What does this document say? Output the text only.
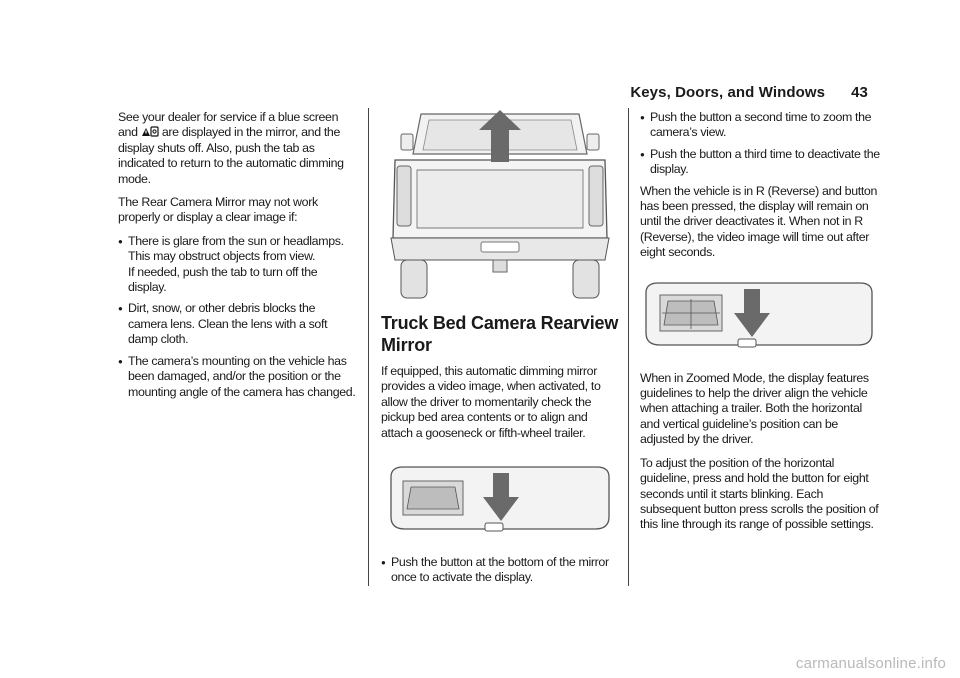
Keys, Doors, and Windows 43

See your dealer for service if a blue screen and are displayed in the mirror, and the display shuts off. Also, push the tab as indicated to return to the automatic dimming mode.

The Rear Camera Mirror may not work properly or display a clear image if:

● There is glare from the sun or headlamps. This may obstruct objects from view.
If needed, push the tab to turn off the display.
● Dirt, snow, or other debris blocks the camera lens. Clean the lens with a soft damp cloth.
● The camera’s mounting on the vehicle has been damaged, and/or the position or the mounting angle of the camera has changed.
Truck Bed Camera Rearview Mirror

If equipped, this automatic dimming mirror provides a video image, when activated, to allow the driver to momentarily check the pickup bed area contents or to align and attach a gooseneck or fifth-wheel trailer.

● Push the button at the bottom of the mirror once to activate the display.
● Push the button a second time to zoom the camera’s view.
● Push the button a third time to deactivate the display.

When the vehicle is in R (Reverse) and button has been pressed, the display will remain on until the driver deactivates it. When not in R (Reverse), the video image will time out after eight seconds.

When in Zoomed Mode, the display features guidelines to help the driver align the vehicle when attaching a trailer. Both the horizontal and vertical guideline’s position can be adjusted by the driver.

To adjust the position of the horizontal guideline, press and hold the button for eight seconds until it starts blinking. Each subsequent button press scrolls the position of this line through its range of possible settings.

carmanualsonline.info
